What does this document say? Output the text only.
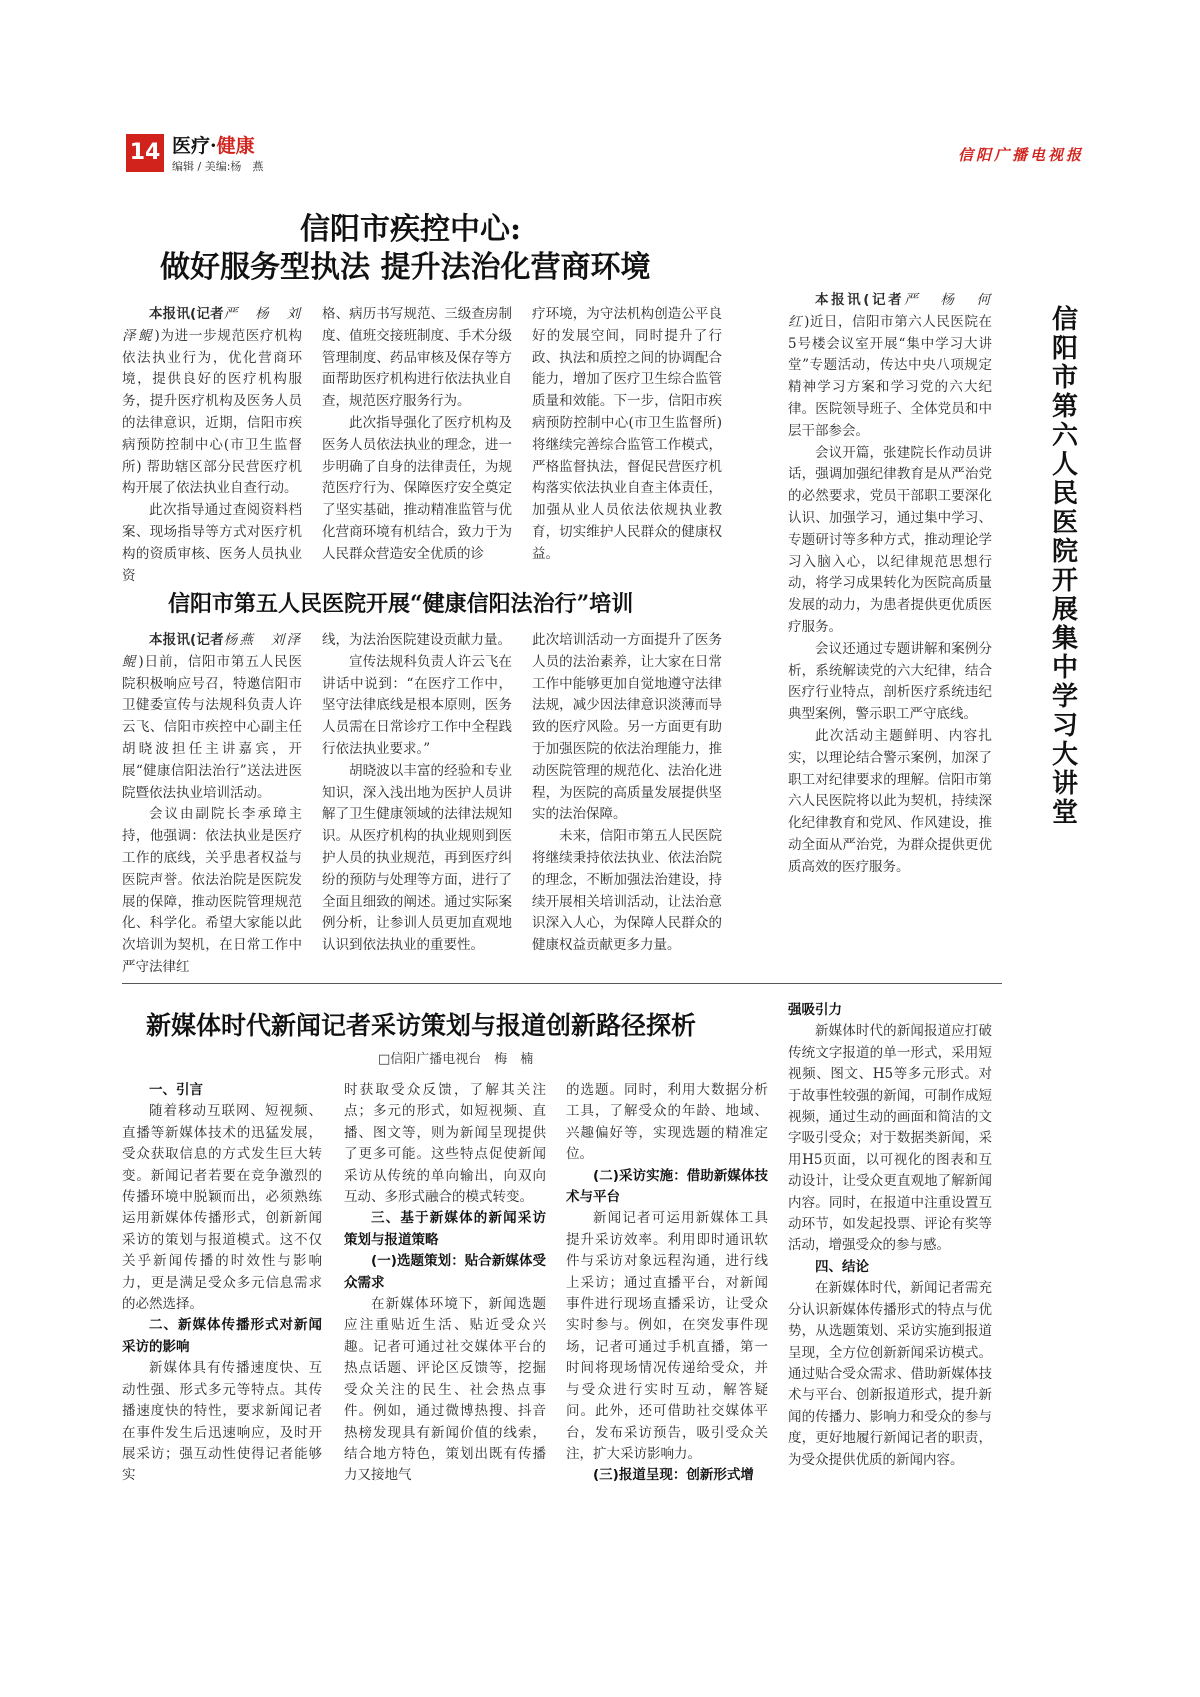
14 医疗·健康
编辑 / 美编:杨　燕
信阳广播电视报
信阳市疾控中心:
做好服务型执法 提升法治化营商环境

本报讯(记者严　杨　刘泽鲲)为进一步规范医疗机构依法执业行为，优化营商环境，提供良好的医疗机构服务，提升医疗机构及医务人员的法律意识，近期，信阳市疾病预防控制中心(市卫生监督所) 帮助辖区部分民营医疗机构开展了依法执业自查行动。

此次指导通过查阅资料档案、现场指导等方式对医疗机构的资质审核、医务人员执业资

格、病历书写规范、三级查房制度、值班交接班制度、手术分级管理制度、药品审核及保存等方面帮助医疗机构进行依法执业自查，规范医疗服务行为。

此次指导强化了医疗机构及医务人员依法执业的理念，进一步明确了自身的法律责任，为规范医疗行为、保障医疗安全奠定了坚实基础，推动精准监管与优化营商环境有机结合，致力于为人民群众营造安全优质的诊

疗环境，为守法机构创造公平良好的发展空间，同时提升了行政、执法和质控之间的协调配合能力，增加了医疗卫生综合监管质量和效能。下一步，信阳市疾病预防控制中心(市卫生监督所)将继续完善综合监管工作模式，严格监督执法，督促民营医疗机构落实依法执业自查主体责任，加强从业人员依法依规执业教育，切实维护人民群众的健康权益。

信阳市第五人民医院开展“健康信阳法治行”培训

本报讯(记者杨燕　刘泽鲲)日前，信阳市第五人民医院积极响应号召，特邀信阳市卫健委宣传与法规科负责人许云飞、信阳市疾控中心副主任胡晓波担任主讲嘉宾，开展“健康信阳法治行”送法进医院暨依法执业培训活动。

会议由副院长李承璋主持，他强调：依法执业是医疗工作的底线，关乎患者权益与医院声誉。依法治院是医院发展的保障，推动医院管理规范化、科学化。希望大家能以此次培训为契机，在日常工作中严守法律红

线，为法治医院建设贡献力量。

宣传法规科负责人许云飞在讲话中说到：“在医疗工作中，坚守法律底线是根本原则，医务人员需在日常诊疗工作中全程践行依法执业要求。”

胡晓波以丰富的经验和专业知识，深入浅出地为医护人员讲解了卫生健康领域的法律法规知识。从医疗机构的执业规则到医护人员的执业规范，再到医疗纠纷的预防与处理等方面，进行了全面且细致的阐述。通过实际案例分析，让参训人员更加直观地认识到依法执业的重要性。

此次培训活动一方面提升了医务人员的法治素养，让大家在日常工作中能够更加自觉地遵守法律法规，减少因法律意识淡薄而导致的医疗风险。另一方面更有助于加强医院的依法治理能力，推动医院管理的规范化、法治化进程，为医院的高质量发展提供坚实的法治保障。

未来，信阳市第五人民医院将继续秉持依法执业、依法治院的理念，不断加强法治建设，持续开展相关培训活动，让法治意识深入人心，为保障人民群众的健康权益贡献更多力量。

本报讯(记者严　杨　何　红)近日，信阳市第六人民医院在5号楼会议室开展“集中学习大讲堂”专题活动，传达中央八项规定精神学习方案和学习党的六大纪律。医院领导班子、全体党员和中层干部参会。

会议开篇，张建院长作动员讲话，强调加强纪律教育是从严治党的必然要求，党员干部职工要深化认识、加强学习，通过集中学习、专题研讨等多种方式，推动理论学习入脑入心，以纪律规范思想行动，将学习成果转化为医院高质量发展的动力，为患者提供更优质医疗服务。

会议还通过专题讲解和案例分析，系统解读党的六大纪律，结合医疗行业特点，剖析医疗系统违纪典型案例，警示职工严守底线。

此次活动主题鲜明、内容扎实，以理论结合警示案例，加深了职工对纪律要求的理解。信阳市第六人民医院将以此为契机，持续深化纪律教育和党风、作风建设，推动全面从严治党，为群众提供更优质高效的医疗服务。

信阳市第六人民医院开展集中学习大讲堂
新媒体时代新闻记者采访策划与报道创新路径探析
□信阳广播电视台　梅　楠

一、引言

随着移动互联网、短视频、直播等新媒体技术的迅猛发展，受众获取信息的方式发生巨大转变。新闻记者若要在竞争激烈的传播环境中脱颖而出，必须熟练运用新媒体传播形式，创新新闻采访的策划与报道模式。这不仅关乎新闻传播的时效性与影响力，更是满足受众多元信息需求的必然选择。

二、新媒体传播形式对新闻采访的影响

新媒体具有传播速度快、互动性强、形式多元等特点。其传播速度快的特性，要求新闻记者在事件发生后迅速响应，及时开展采访；强互动性使得记者能够实

时获取受众反馈，了解其关注点；多元的形式，如短视频、直播、图文等，则为新闻呈现提供了更多可能。这些特点促使新闻采访从传统的单向输出，向双向互动、多形式融合的模式转变。

三、基于新媒体的新闻采访策划与报道策略

(一)选题策划：贴合新媒体受众需求

在新媒体环境下，新闻选题应注重贴近生活、贴近受众兴趣。记者可通过社交媒体平台的热点话题、评论区反馈等，挖掘受众关注的民生、社会热点事件。例如，通过微博热搜、抖音热榜发现具有新闻价值的线索，结合地方特色，策划出既有传播力又接地气

的选题。同时，利用大数据分析工具，了解受众的年龄、地域、兴趣偏好等，实现选题的精准定位。

(二)采访实施：借助新媒体技术与平台

新闻记者可运用新媒体工具提升采访效率。利用即时通讯软件与采访对象远程沟通，进行线上采访；通过直播平台，对新闻事件进行现场直播采访，让受众实时参与。例如，在突发事件现场，记者可通过手机直播，第一时间将现场情况传递给受众，并与受众进行实时互动，解答疑问。此外，还可借助社交媒体平台，发布采访预告，吸引受众关注，扩大采访影响力。

(三)报道呈现：创新形式增

强吸引力

新媒体时代的新闻报道应打破传统文字报道的单一形式，采用短视频、图文、H5等多元形式。对于故事性较强的新闻，可制作成短视频，通过生动的画面和简洁的文字吸引受众；对于数据类新闻，采用H5页面，以可视化的图表和互动设计，让受众更直观地了解新闻内容。同时，在报道中注重设置互动环节，如发起投票、评论有奖等活动，增强受众的参与感。

四、结论

在新媒体时代，新闻记者需充分认识新媒体传播形式的特点与优势，从选题策划、采访实施到报道呈现，全方位创新新闻采访模式。通过贴合受众需求、借助新媒体技术与平台、创新报道形式，提升新闻的传播力、影响力和受众的参与度，更好地履行新闻记者的职责，为受众提供优质的新闻内容。
